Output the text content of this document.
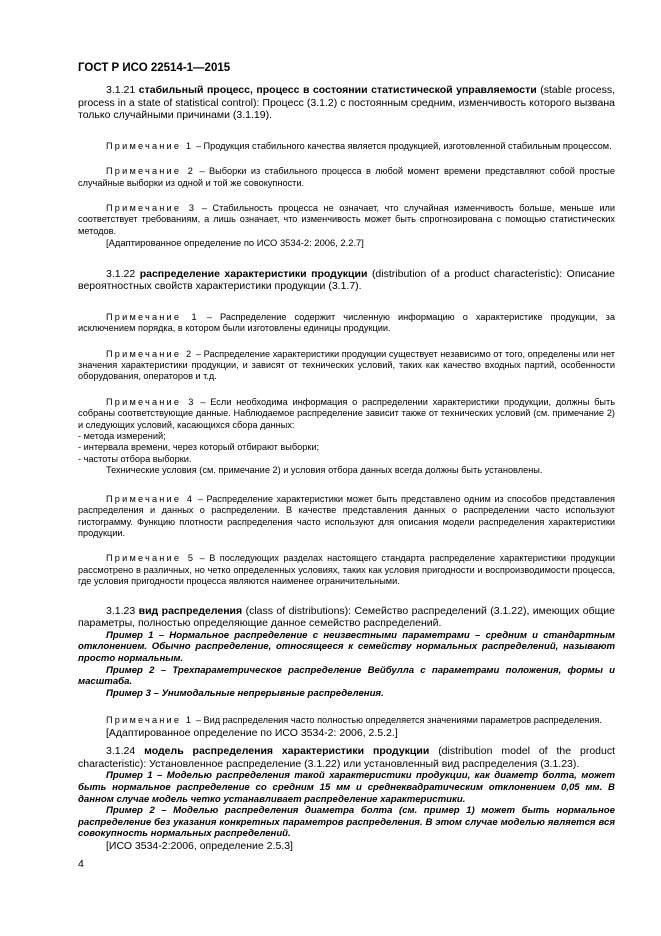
ГОСТ Р ИСО 22514-1—2015

3.1.21 стабильный процесс, процесс в состоянии статистической управляемости (stable process, process in a state of statistical control): Процесс (3.1.2) с постоянным средним, изменчивость которого вызвана только случайными причинами (3.1.19).

Примечание 1 – Продукция стабильного качества является продукцией, изготовленной стабильным процессом.

Примечание 2 – Выборки из стабильного процесса в любой момент времени представляют собой простые случайные выборки из одной и той же совокупности.

Примечание 3 – Стабильность процесса не означает, что случайная изменчивость больше, меньше или соответствует требованиям, а лишь означает, что изменчивость может быть спрогнозирована с помощью статистических методов.

[Адаптированное определение по ИСО 3534-2: 2006, 2.2.7]

3.1.22 распределение характеристики продукции (distribution of a product characteristic): Описание вероятностных свойств характеристики продукции (3.1.7).

Примечание 1 – Распределение содержит численную информацию о характеристике продукции, за исключением порядка, в котором были изготовлены единицы продукции.

Примечание 2 – Распределение характеристики продукции существует независимо от того, определены или нет значения характеристики продукции, и зависят от технических условий, таких как качество входных партий, особенности оборудования, операторов и т.д.

Примечание 3 – Если необходима информация о распределении характеристики продукции, должны быть собраны соответствующие данные. Наблюдаемое распределение зависит также от технических условий (см. примечание 2) и следующих условий, касающихся сбора данных:

- метода измерений;
- интервала времени, через который отбирают выборки;
- частоты отбора выборки.

Технические условия (см. примечание 2) и условия отбора данных всегда должны быть установлены.

Примечание 4 – Распределение характеристики может быть представлено одним из способов представления распределения и данных о распределении. В качестве представления данных о распределении часто используют гистограмму. Функцию плотности распределения часто используют для описания модели распределения характеристики продукции.

Примечание 5 – В последующих разделах настоящего стандарта распределение характеристики продукции рассмотрено в различных, но четко определенных условиях, таких как условия пригодности и воспроизводимости процесса, где условия пригодности процесса являются наименее ограничительными.

3.1.23 вид распределения (class of distributions): Семейство распределений (3.1.22), имеющих общие параметры, полностью определяющие данное семейство распределений.

Пример 1 – Нормальное распределение с неизвестными параметрами – средним и стандартным отклонением. Обычно распределение, относящееся к семейству нормальных распределений, называют просто нормальным.

Пример 2 – Трехпараметрическое распределение Вейбулла с параметрами положения, формы и масштаба.

Пример 3 – Унимодальные непрерывные распределения.

Примечание 1 – Вид распределения часто полностью определяется значениями параметров распределения.

[Адаптированное определение по ИСО 3534-2: 2006, 2.5.2.]

3.1.24 модель распределения характеристики продукции (distribution model of the product characteristic): Установленное распределение (3.1.22) или установленный вид распределения (3.1.23).

Пример 1 – Моделью распределения такой характеристики продукции, как диаметр болта, может быть нормальное распределение со средним 15 мм и среднеквадратическим отклонением 0,05 мм. В данном случае модель четко устанавливает распределение характеристики.

Пример 2 – Моделью распределения диаметра болта (см. пример 1) может быть нормальное распределение без указания конкретных параметров распределения. В этом случае моделью является вся совокупность нормальных распределений.

[ИСО 3534-2:2006, определение 2.5.3]

4
